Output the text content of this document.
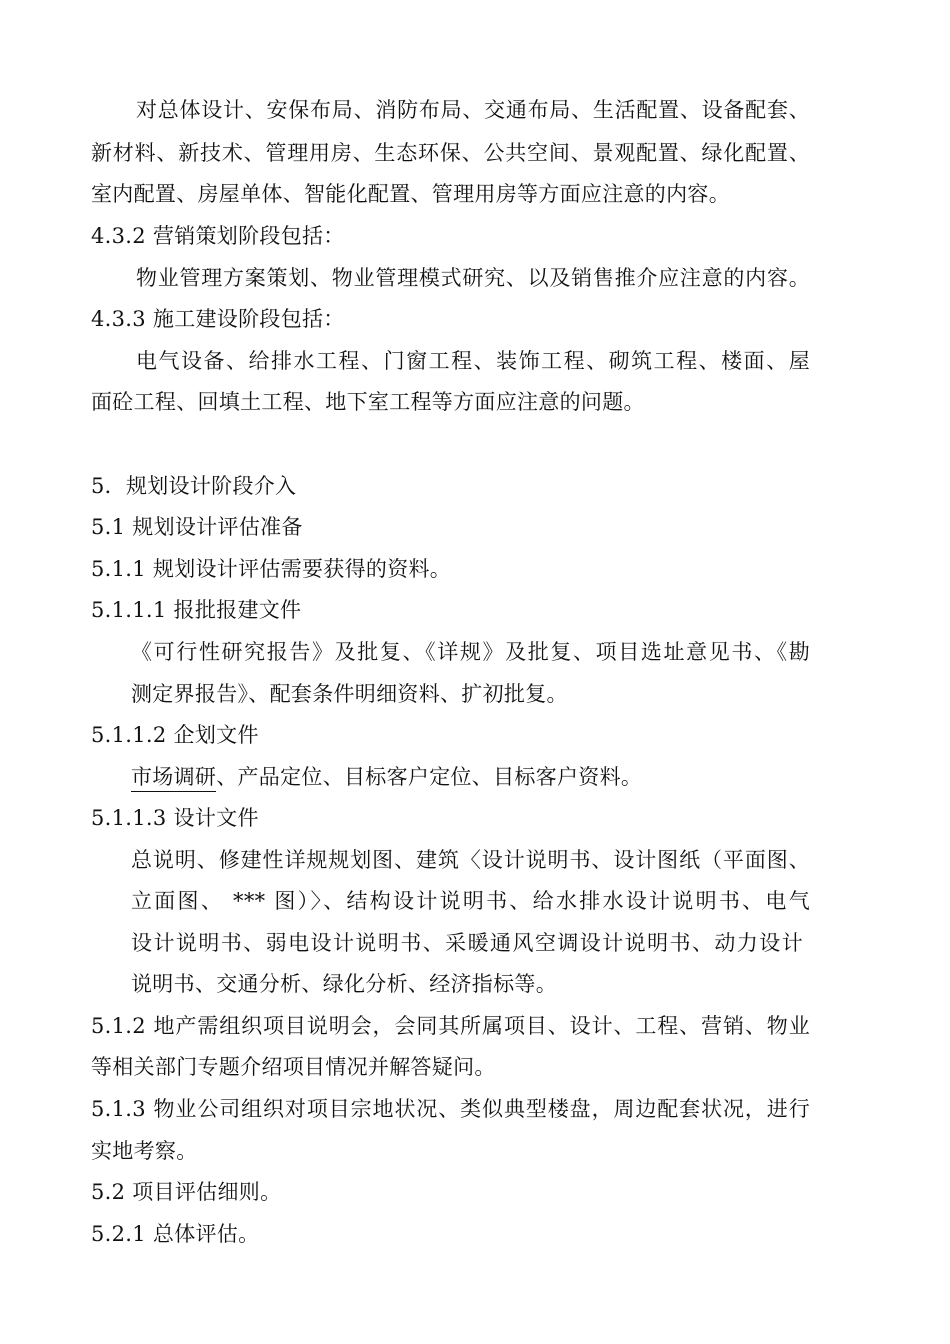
对总体设计、安保布局、消防布局、交通布局、生活配置、设备配套、
新材料、新技术、管理用房、生态环保、公共空间、景观配置、绿化配置、
室内配置、房屋单体、智能化配置、管理用房等方面应注意的内容。
4.3.2 营销策划阶段包括：
物业管理方案策划、物业管理模式研究、以及销售推介应注意的内容。
4.3.3 施工建设阶段包括：
电气设备、给排水工程、门窗工程、装饰工程、砌筑工程、楼面、屋
面砼工程、回填土工程、地下室工程等方面应注意的问题。
5．规划设计阶段介入
5.1 规划设计评估准备
5.1.1 规划设计评估需要获得的资料。
5.1.1.1 报批报建文件
《可行性研究报告》及批复、《详规》及批复、项目选址意见书、《勘
测定界报告》、配套条件明细资料、扩初批复。
5.1.1.2 企划文件
市场调研、产品定位、目标客户定位、目标客户资料。
5.1.1.3 设计文件
总说明、修建性详规规划图、建筑〈设计说明书、设计图纸（平面图、
立面图、 *** 图）〉、结构设计说明书、给水排水设计说明书、电气
设计说明书、弱电设计说明书、采暖通风空调设计说明书、动力设计
说明书、交通分析、绿化分析、经济指标等。
5.1.2 地产需组织项目说明会，会同其所属项目、设计、工程、营销、物业
等相关部门专题介绍项目情况并解答疑问。
5.1.3 物业公司组织对项目宗地状况、类似典型楼盘，周边配套状况，进行
实地考察。
5.2 项目评估细则。
5.2.1 总体评估。
